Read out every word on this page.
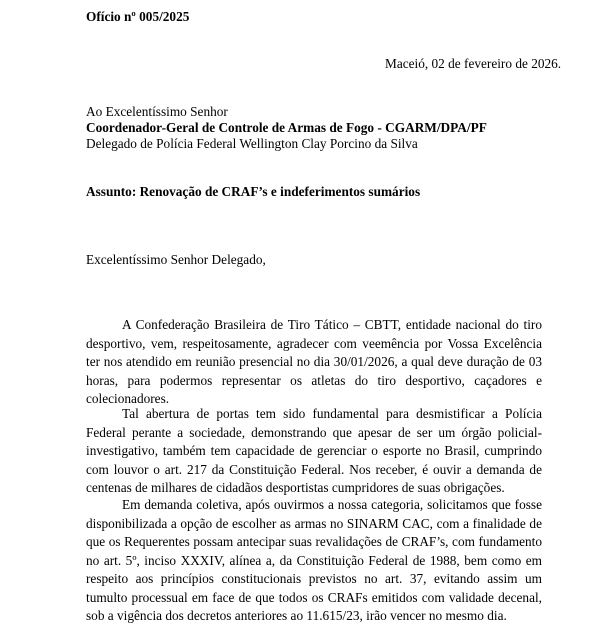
Ofício nº 005/2025
Maceió, 02 de fevereiro de 2026.
Ao Excelentíssimo Senhor
Coordenador-Geral de Controle de Armas de Fogo - CGARM/DPA/PF
Delegado de Polícia Federal Wellington Clay Porcino da Silva
Assunto: Renovação de CRAF’s e indeferimentos sumários
Excelentíssimo Senhor Delegado,

A Confederação Brasileira de Tiro Tático – CBTT, entidade nacional do tiro desportivo, vem, respeitosamente, agradecer com veemência por Vossa Excelência ter nos atendido em reunião presencial no dia 30/01/2026, a qual deve duração de 03 horas, para podermos representar os atletas do tiro desportivo, caçadores e colecionadores.

Tal abertura de portas tem sido fundamental para desmistificar a Polícia Federal perante a sociedade, demonstrando que apesar de ser um órgão policial-investigativo, também tem capacidade de gerenciar o esporte no Brasil, cumprindo com louvor o art. 217 da Constituição Federal. Nos receber, é ouvir a demanda de centenas de milhares de cidadãos desportistas cumpridores de suas obrigações.

Em demanda coletiva, após ouvirmos a nossa categoria, solicitamos que fosse disponibilizada a opção de escolher as armas no SINARM CAC, com a finalidade de que os Requerentes possam antecipar suas revalidações de CRAF’s, com fundamento no art. 5º, inciso XXXIV, alínea a, da Constituição Federal de 1988, bem como em respeito aos princípios constitucionais previstos no art. 37, evitando assim um tumulto processual em face de que todos os CRAFs emitidos com validade decenal, sob a vigência dos decretos anteriores ao 11.615/23, irão vencer no mesmo dia.
